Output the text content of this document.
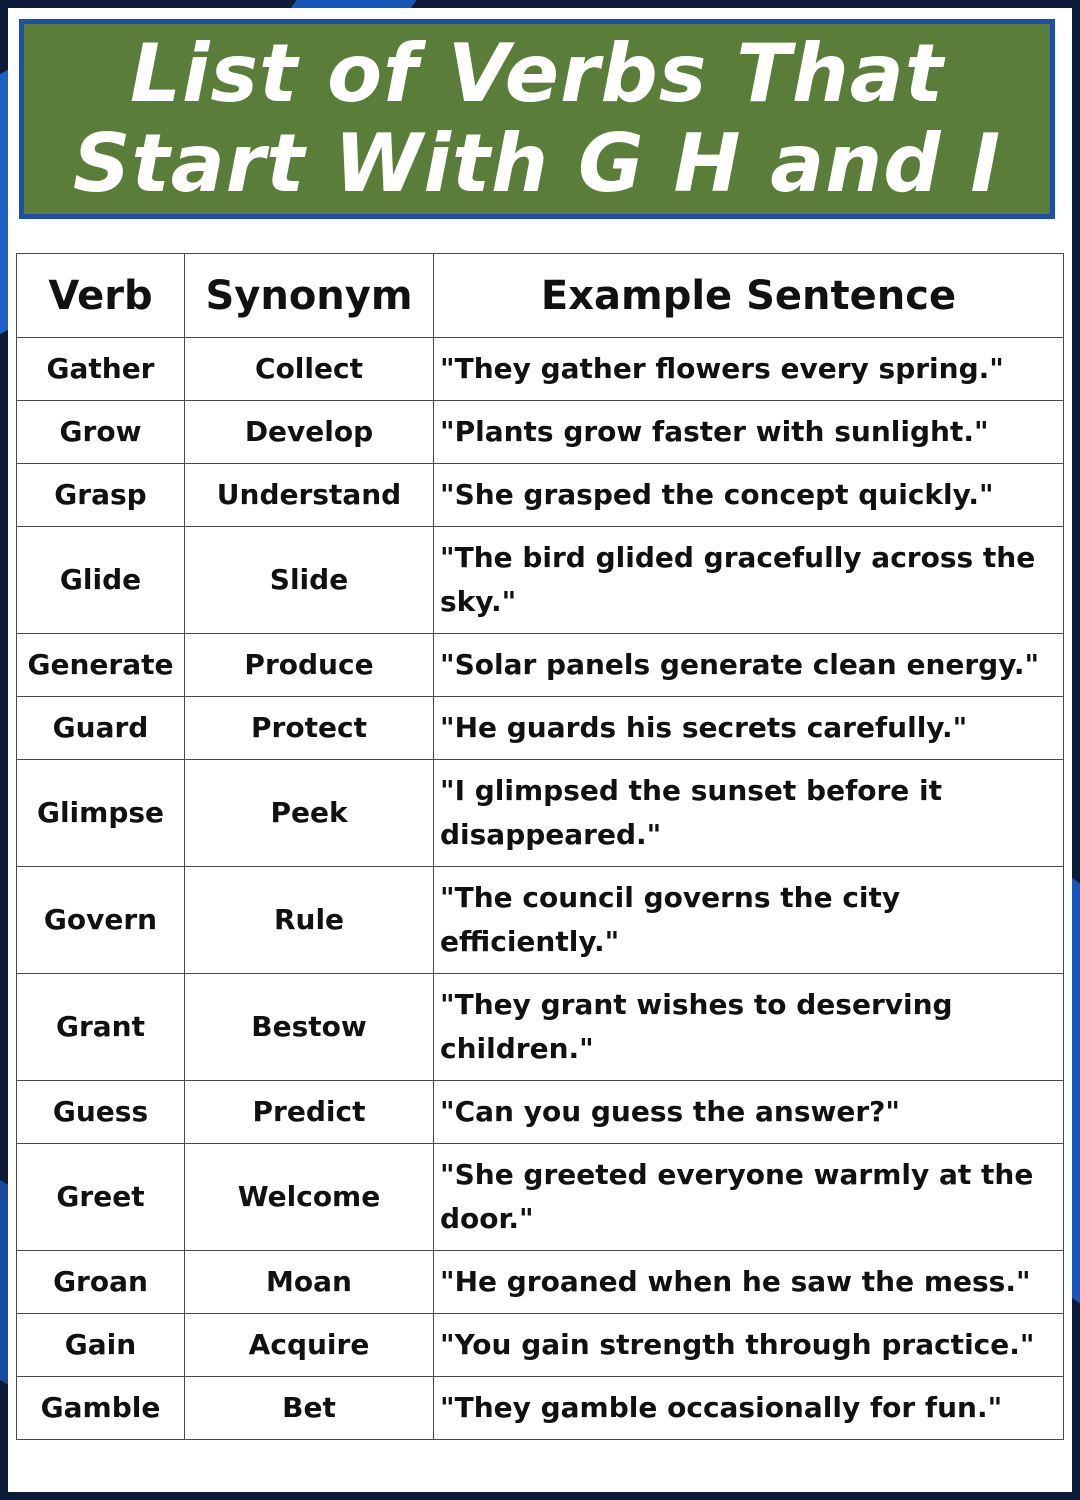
List of Verbs That
Start With G H and I
Verb	Synonym	Example Sentence
Gather	Collect	"They gather flowers every spring."
Grow	Develop	"Plants grow faster with sunlight."
Grasp	Understand	"She grasped the concept quickly."
Glide	Slide	"The bird glided gracefully across the sky."
Generate	Produce	"Solar panels generate clean energy."
Guard	Protect	"He guards his secrets carefully."
Glimpse	Peek	"I glimpsed the sunset before it disappeared."
Govern	Rule	"The council governs the city efficiently."
Grant	Bestow	"They grant wishes to deserving children."
Guess	Predict	"Can you guess the answer?"
Greet	Welcome	"She greeted everyone warmly at the door."
Groan	Moan	"He groaned when he saw the mess."
Gain	Acquire	"You gain strength through practice."
Gamble	Bet	"They gamble occasionally for fun."
